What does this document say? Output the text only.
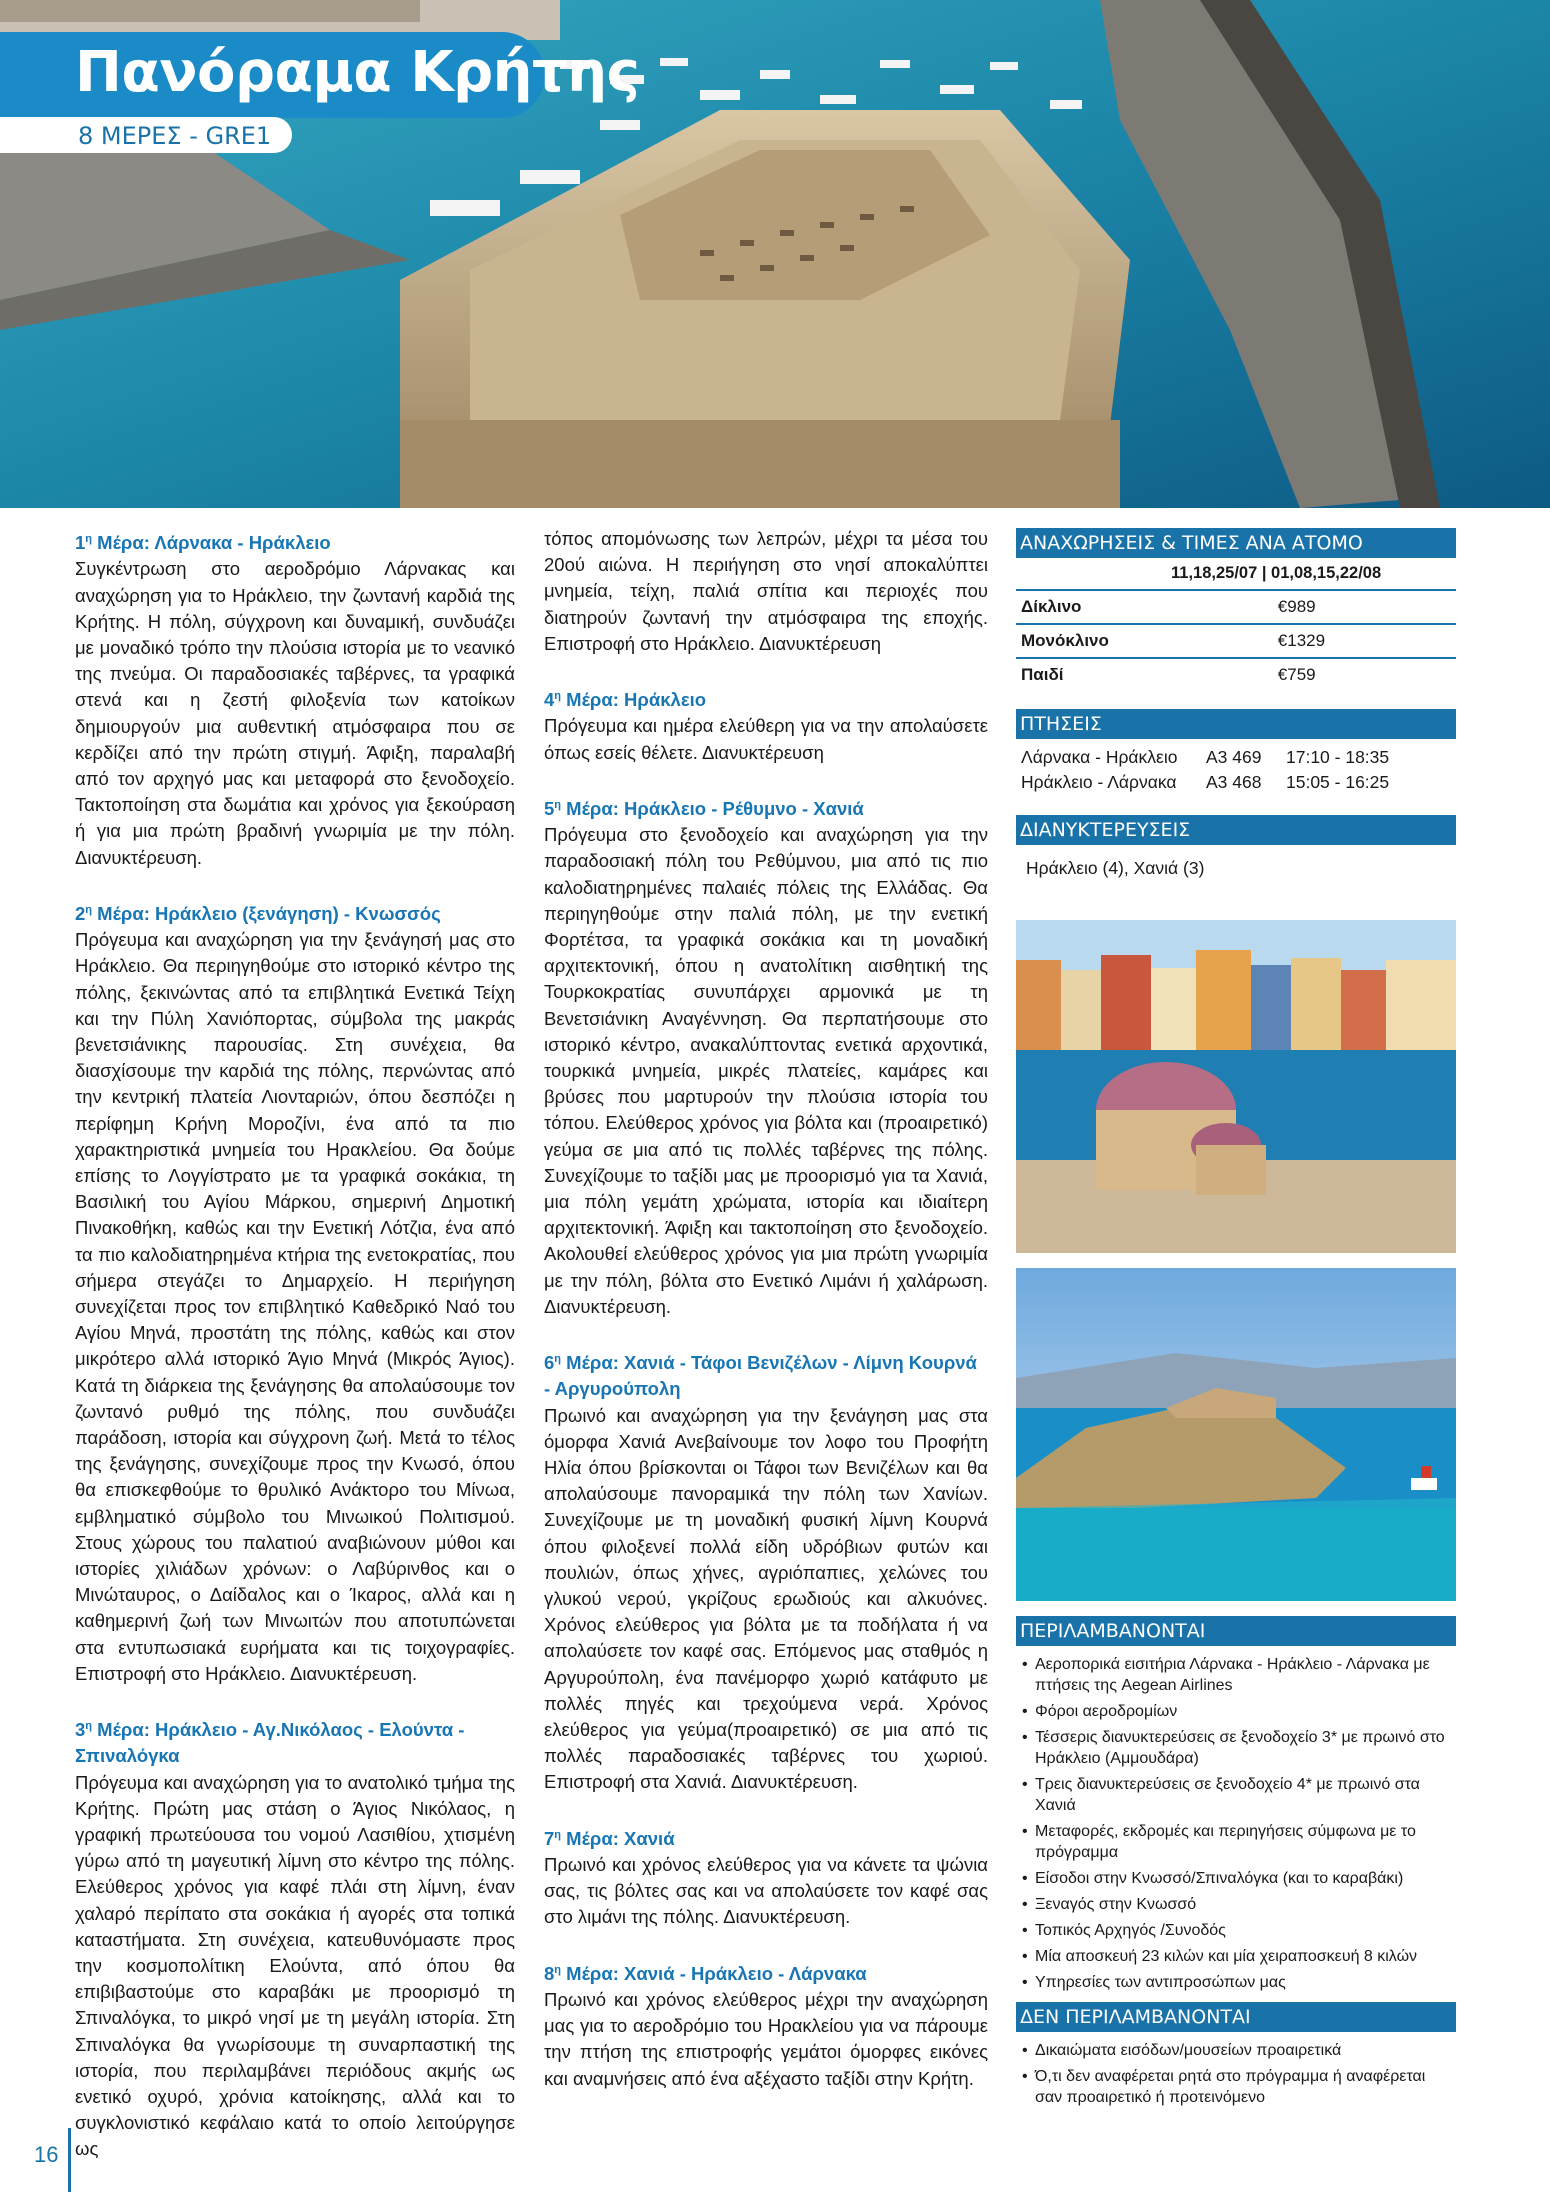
Πανόραμα Κρήτης
8 ΜΕΡΕΣ - GRE1
$1^\eta$ Μέρα: Λάρνακα - Ηράκλειο
Συγκέντρωση στο αεροδρόμιο Λάρνακας και αναχώρηση για το Ηράκλειο, την ζωντανή καρδιά της Κρήτης. Η πόλη, σύγχρονη και δυναμική, συνδυάζει με μοναδικό τρόπο την πλούσια ιστορία με το νεανικό της πνεύμα. Οι παραδοσιακές ταβέρνες, τα γραφικά στενά και η ζεστή φιλοξενία των κατοίκων δημιουργούν μια αυθεντική ατμόσφαιρα που σε κερδίζει από την πρώτη στιγμή. Άφιξη, παραλαβή από τον αρχηγό μας και μεταφορά στο ξενοδοχείο. Τακτοποίηση στα δωμάτια και χρόνος για ξεκούραση ή για μια πρώτη βραδινή γνωριμία με την πόλη. Διανυκτέρευση.
$2^\eta$ Μέρα: Ηράκλειο (ξενάγηση) - Κνωσσός
Πρόγευμα και αναχώρηση για την ξενάγησή μας στο Ηράκλειο. Θα περιηγηθούμε στο ιστορικό κέντρο της πόλης, ξεκινώντας από τα επιβλητικά Ενετικά Τείχη και την Πύλη Χανιόπορτας, σύμβολα της μακράς βενετσιάνικης παρουσίας. Στη συνέχεια, θα διασχίσουμε την καρδιά της πόλης, περνώντας από την κεντρική πλατεία Λιονταριών, όπου δεσπόζει η περίφημη Κρήνη Μοροζίνι, ένα από τα πιο χαρακτηριστικά μνημεία του Ηρακλείου. Θα δούμε επίσης το Λογγίστρατο με τα γραφικά σοκάκια, τη Βασιλική του Αγίου Μάρκου, σημερινή Δημοτική Πινακοθήκη, καθώς και την Ενετική Λότζια, ένα από τα πιο καλοδιατηρημένα κτήρια της ενετοκρατίας, που σήμερα στεγάζει το Δημαρχείο. Η περιήγηση συνεχίζεται προς τον επιβλητικό Καθεδρικό Ναό του Αγίου Μηνά, προστάτη της πόλης, καθώς και στον μικρότερο αλλά ιστορικό Άγιο Μηνά (Μικρός Άγιος). Κατά τη διάρκεια της ξενάγησης θα απολαύσουμε τον ζωντανό ρυθμό της πόλης, που συνδυάζει παράδοση, ιστορία και σύγχρονη ζωή. Μετά το τέλος της ξενάγησης, συνεχίζουμε προς την Κνωσό, όπου θα επισκεφθούμε το θρυλικό Ανάκτορο του Μίνωα, εμβληματικό σύμβολο του Μινωικού Πολιτισμού. Στους χώρους του παλατιού αναβιώνουν μύθοι και ιστορίες χιλιάδων χρόνων: ο Λαβύρινθος και ο Μινώταυρος, ο Δαίδαλος και ο Ίκαρος, αλλά και η καθημερινή ζωή των Μινωιτών που αποτυπώνεται στα εντυπωσιακά ευρήματα και τις τοιχογραφίες. Επιστροφή στο Ηράκλειο. Διανυκτέρευση.
$3^\eta$ Μέρα: Ηράκλειο - Αγ.Νικόλαος - Ελούντα - Σπιναλόγκα
Πρόγευμα και αναχώρηση για το ανατολικό τμήμα της Κρήτης. Πρώτη μας στάση ο Άγιος Νικόλαος, η γραφική πρωτεύουσα του νομού Λασιθίου, χτισμένη γύρω από τη μαγευτική λίμνη στο κέντρο της πόλης. Ελεύθερος χρόνος για καφέ πλάι στη λίμνη, έναν χαλαρό περίπατο στα σοκάκια ή αγορές στα τοπικά καταστήματα. Στη συνέχεια, κατευθυνόμαστε προς την κοσμοπολίτικη Ελούντα, από όπου θα επιβιβαστούμε στο καραβάκι με προορισμό τη Σπιναλόγκα, το μικρό νησί με τη μεγάλη ιστορία. Στη Σπιναλόγκα θα γνωρίσουμε τη συναρπαστική της ιστορία, που περιλαμβάνει περιόδους ακμής ως ενετικό οχυρό, χρόνια κατοίκησης, αλλά και το συγκλονιστικό κεφάλαιο κατά το οποίο λειτούργησε ως
τόπος απομόνωσης των λεπρών, μέχρι τα μέσα του 20ού αιώνα. Η περιήγηση στο νησί αποκαλύπτει μνημεία, τείχη, παλιά σπίτια και περιοχές που διατηρούν ζωντανή την ατμόσφαιρα της εποχής. Επιστροφή στο Ηράκλειο. Διανυκτέρευση
$4^\eta$ Μέρα: Ηράκλειο
Πρόγευμα και ημέρα ελεύθερη για να την απολαύσετε όπως εσείς θέλετε. Διανυκτέρευση
$5^\eta$ Μέρα: Ηράκλειο - Ρέθυμνο - Χανιά
Πρόγευμα στο ξενοδοχείο και αναχώρηση για την παραδοσιακή πόλη του Ρεθύμνου, μια από τις πιο καλοδιατηρημένες παλαιές πόλεις της Ελλάδας. Θα περιηγηθούμε στην παλιά πόλη, με την ενετική Φορτέτσα, τα γραφικά σοκάκια και τη μοναδική αρχιτεκτονική, όπου η ανατολίτικη αισθητική της Τουρκοκρατίας συνυπάρχει αρμονικά με τη Βενετσιάνικη Αναγέννηση. Θα περπατήσουμε στο ιστορικό κέντρο, ανακαλύπτοντας ενετικά αρχοντικά, τουρκικά μνημεία, μικρές πλατείες, καμάρες και βρύσες που μαρτυρούν την πλούσια ιστορία του τόπου. Ελεύθερος χρόνος για βόλτα και (προαιρετικό) γεύμα σε μια από τις πολλές ταβέρνες της πόλης. Συνεχίζουμε το ταξίδι μας με προορισμό για τα Χανιά, μια πόλη γεμάτη χρώματα, ιστορία και ιδιαίτερη αρχιτεκτονική. Άφιξη και τακτοποίηση στο ξενοδοχείο. Ακολουθεί ελεύθερος χρόνος για μια πρώτη γνωριμία με την πόλη, βόλτα στο Ενετικό Λιμάνι ή χαλάρωση. Διανυκτέρευση.
$6^\eta$ Μέρα: Χανιά - Τάφοι Βενιζέλων - Λίμνη Κουρνά - Αργυρούπολη
Πρωινό και αναχώρηση για την ξενάγηση μας στα όμορφα Χανιά Ανεβαίνουμε τον λοφο του Προφήτη Ηλία όπου βρίσκονται οι Τάφοι των Βενιζέλων και θα απολαύσουμε πανοραμικά την πόλη των Χανίων. Συνεχίζουμε με τη μοναδική φυσική λίμνη Κουρνά όπου φιλοξενεί πολλά είδη υδρόβιων φυτών και πουλιών, όπως χήνες, αγριόπαπιες, χελώνες του γλυκού νερού, γκρίζους ερωδιούς και αλκυόνες. Χρόνος ελεύθερος για βόλτα με τα ποδήλατα ή να απολαύσετε τον καφέ σας. Επόμενος μας σταθμός η Αργυρούπολη, ένα πανέμορφο χωριό κατάφυτο με πολλές πηγές και τρεχούμενα νερά. Χρόνος ελεύθερος για γεύμα(προαιρετικό) σε μια από τις πολλές παραδοσιακές ταβέρνες του χωριού. Επιστροφή στα Χανιά. Διανυκτέρευση.
$7^\eta$ Μέρα: Χανιά
Πρωινό και χρόνος ελεύθερος για να κάνετε τα ψώνια σας, τις βόλτες σας και να απολαύσετε τον καφέ σας στο λιμάνι της πόλης. Διανυκτέρευση.
$8^\eta$ Μέρα: Χανιά - Ηράκλειο - Λάρνακα
Πρωινό και χρόνος ελεύθερος μέχρι την αναχώρηση μας για το αεροδρόμιο του Ηρακλείου για να πάρουμε την πτήση της επιστροφής γεμάτοι όμορφες εικόνες και αναμνήσεις από ένα αξέχαστο ταξίδι στην Κρήτη.
ΑΝΑΧΩΡΗΣΕΙΣ & ΤΙΜΕΣ ΑΝΑ ΑΤΟΜΟ
11,18,25/07 | 01,08,15,22/08
Δίκλινο	€989
Μονόκλινο	€1329
Παιδί	€759
ΠΤΗΣΕΙΣ
Λάρνακα - Ηράκλειο	A3 469	17:10 - 18:35
Ηράκλειο - Λάρνακα	A3 468	15:05 - 16:25
ΔΙΑΝΥΚΤΕΡΕΥΣΕΙΣ
Ηράκλειο (4), Χανιά (3)
ΠΕΡΙΛΑΜΒΑΝΟΝΤΑΙ
• Αεροπορικά εισιτήρια Λάρνακα - Ηράκλειο - Λάρνακα με πτήσεις της Aegean Airlines
• Φόροι αεροδρομίων
• Τέσσερις διανυκτερεύσεις σε ξενοδοχείο 3* με πρωινό στο Ηράκλειο (Αμμουδάρα)
• Τρεις διανυκτερεύσεις σε ξενοδοχείο 4* με πρωινό στα Χανιά
• Μεταφορές, εκδρομές και περιηγήσεις σύμφωνα με το πρόγραμμα
• Είσοδοι στην Κνωσσό/Σπιναλόγκα (και το καραβάκι)
• Ξεναγός στην Κνωσσό
• Τοπικός Αρχηγός /Συνοδός
• Μία αποσκευή 23 κιλών και μία χειραποσκευή 8 κιλών
• Υπηρεσίες των αντιπροσώπων μας
ΔΕΝ ΠΕΡΙΛΑΜΒΑΝΟΝΤΑΙ
• Δικαιώματα εισόδων/μουσείων προαιρετικά
• Ό,τι δεν αναφέρεται ρητά στο πρόγραμμα ή αναφέρεται σαν προαιρετικό ή προτεινόμενο
16
